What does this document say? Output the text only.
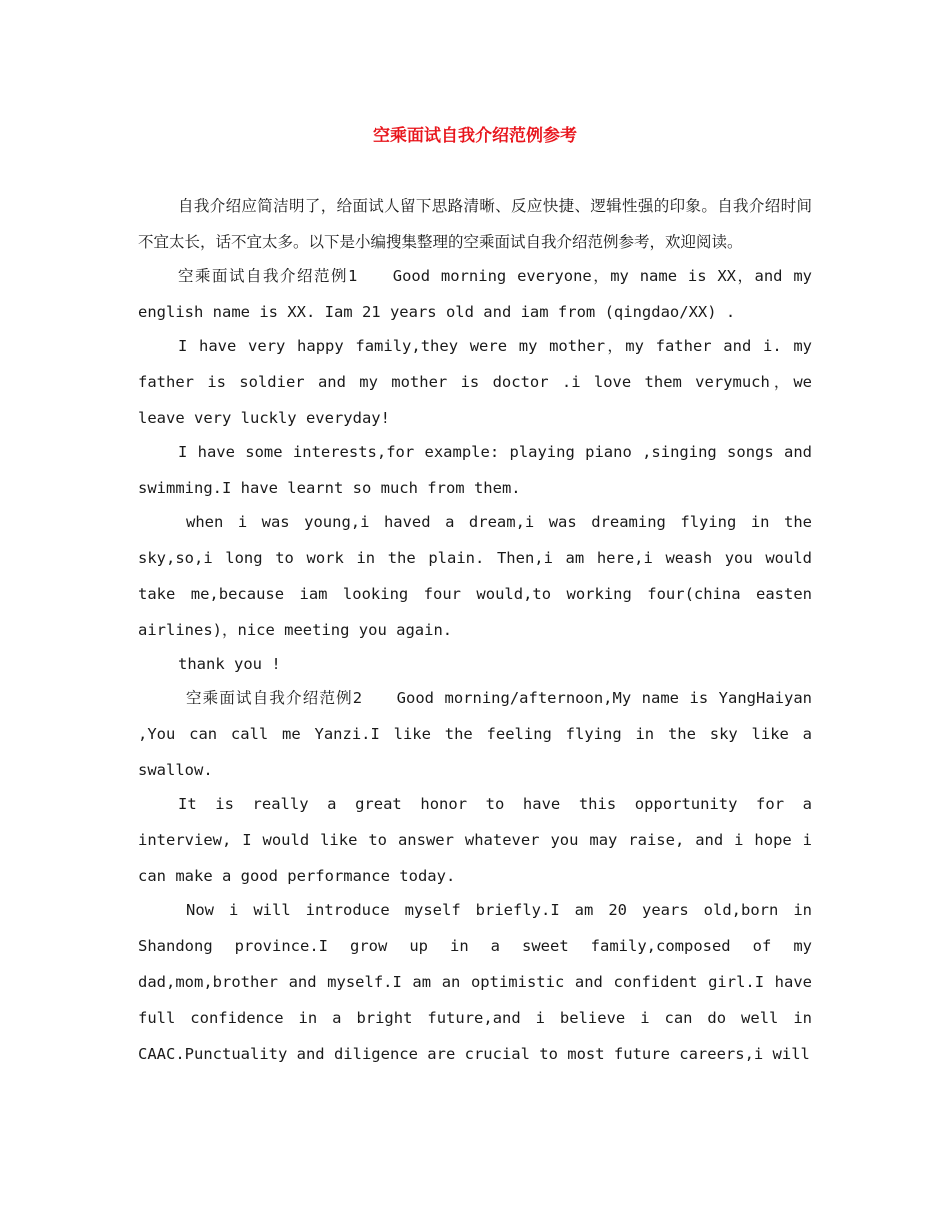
空乘面试自我介绍范例参考

自我介绍应简洁明了，给面试人留下思路清晰、反应快捷、逻辑性强的印象。自我介绍时间不宜太长，话不宜太多。以下是小编搜集整理的空乘面试自我介绍范例参考，欢迎阅读。

空乘面试自我介绍范例1　　Good morning everyone，my name is XX，and my english name is XX. Iam 21 years old and iam from (qingdao/XX) .

I have very happy family,they were my mother，my father and i. my father is soldier and my mother is doctor .i love them verymuch，we leave very luckly everyday!

I have some interests,for example: playing piano ,singing songs and swimming.I have learnt so much from them.

when i was young,i haved a dream,i was dreaming flying in the sky,so,i long to work in the plain. Then,i am here,i weash you would take me,because iam looking four would,to working four(china easten airlines)，nice meeting you again.

thank you !

空乘面试自我介绍范例2　　Good morning/afternoon,My name is YangHaiyan ,You can call me Yanzi.I like the feeling flying in the sky like a swallow.

It is really a great honor to have this opportunity for a interview, I would like to answer whatever you may raise, and i hope i can make a good performance today.

Now i will introduce myself briefly.I am 20 years old,born in Shandong province.I grow up in a sweet family,composed of my dad,mom,brother and myself.I am an optimistic and confident girl.I have full confidence in a bright future,and i believe i can do well in CAAC.Punctuality and diligence are crucial to most future careers,i will
